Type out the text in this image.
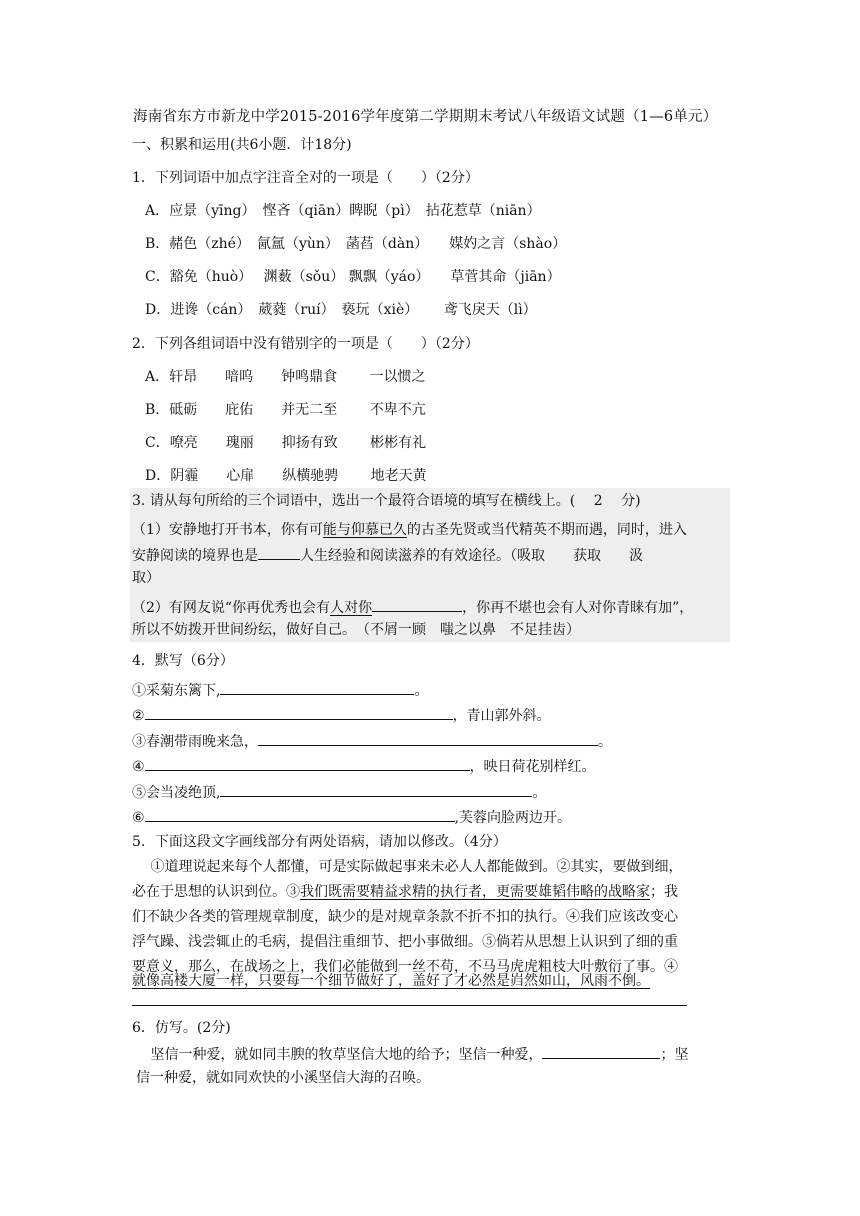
海南省东方市新龙中学2015-2016学年度第二学期期末考试八年级语文试题（1—6单元）
一、积累和运用(共6小题．计18分)
1．下列词语中加点字注音全对的一项是（　　）（2分）
A．应景（yīng）　悭吝（qiān）睥睨（pì）　拈花惹草（niān）
B．赭色（zhé）　氤氲（yùn）　菡萏（dàn）　　媒妁之言（shào）
C．豁免（huò）　 渊薮（sǒu） 飘飘（yáo）　　草菅其命（jiān）
D．进谗（cán）　葳蕤（ruí）　亵玩（xiè）　　 鸢飞戾天（lì）
2．下列各组词语中没有错别字的一项是（　　）（2分）
A．轩昂　　喑呜　　钟鸣鼎食　　 一以惯之
B．砥砺　　庇佑　　并无二至　　 不卑不亢
C．嘹亮　　瑰丽　　抑扬有致　　 彬彬有礼
D．阴霾　　心扉　　纵横驰骋　　 地老天黄
3. 请从每句所给的三个词语中，选出一个最符合语境的填写在横线上。(　 2　 分)
（1）安静地打开书本，你有可能与仰慕已久的古圣先贤或当代精英不期而遇，同时，进入
安静阅读的境界也是	人生经验和阅读滋养的有效途径。（吸取　　获取　　汲
取）
（2）有网友说“你再优秀也会有人对你	，你再不堪也会有人对你青睐有加”，
所以不妨拨开世间纷纭，做好自己。　（不屑一顾　嗤之以鼻　不足挂齿）
4．默写（6分）
①采菊东篱下,	。
②	，青山郭外斜。
③春潮带雨晚来急，	。
④	，映日荷花别样红。
⑤会当凌绝顶,	。
⑥	,芙蓉向脸两边开。
5．下面这段文字画线部分有两处语病，请加以修改。（4分）
　 ①道理说起来每个人都懂，可是实际做起事来未必人人都能做到。②其实，要做到细，
必在于思想的认识到位。③我们既需要精益求精的执行者，更需要雄韬伟略的战略家；我
们不缺少各类的管理规章制度，缺少的是对规章条款不折不扣的执行。④我们应该改变心
浮气躁、浅尝辄止的毛病，提倡注重细节、把小事做细。⑤倘若从思想上认识到了细的重
要意义，那么，在战场之上，我们必能做到一丝不苟，不马马虎虎粗枝大叶敷衍了事。④
就像高楼大厦一样，只要每一个细节做好了，盖好了才必然是岿然如山，风雨不倒。
6．仿写。(2分)
　 坚信一种爱，就如同丰腴的牧草坚信大地的给予；坚信一种爱，	；坚
信一种爱，就如同欢快的小溪坚信大海的召唤。
